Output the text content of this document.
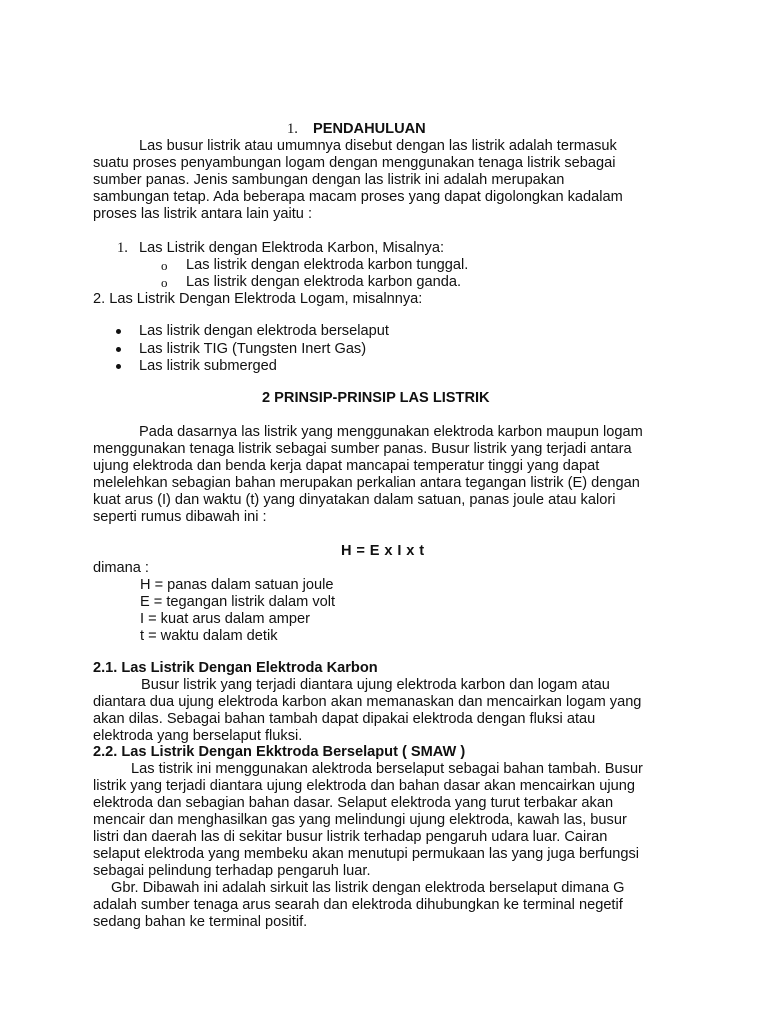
1. PENDAHULUAN
Las busur listrik atau umumnya disebut dengan las listrik adalah termasuk
suatu proses penyambungan logam dengan menggunakan tenaga listrik sebagai
sumber panas. Jenis sambungan dengan las listrik ini adalah merupakan
sambungan tetap. Ada beberapa macam proses yang dapat digolongkan kadalam
proses las listrik antara lain yaitu :
1. Las Listrik dengan Elektroda Karbon, Misalnya:
o Las listrik dengan elektroda karbon tunggal.
o Las listrik dengan elektroda karbon ganda.
2. Las Listrik Dengan Elektroda Logam, misalnnya:
Las listrik dengan elektroda berselaput
Las listrik TIG (Tungsten Inert Gas)
Las listrik submerged
2 PRINSIP-PRINSIP LAS LISTRIK
Pada dasarnya las listrik yang menggunakan elektroda karbon maupun logam
menggunakan tenaga listrik sebagai sumber panas. Busur listrik yang terjadi antara
ujung elektroda dan benda kerja dapat mancapai temperatur tinggi yang dapat
melelehkan sebagian bahan merupakan perkalian antara tegangan listrik (E) dengan
kuat arus (I) dan waktu (t) yang dinyatakan dalam satuan, panas joule atau kalori
seperti rumus dibawah ini :
H = E x I x t
dimana :
H = panas dalam satuan joule
E = tegangan listrik dalam volt
I = kuat arus dalam amper
t = waktu dalam detik
2.1. Las Listrik Dengan Elektroda Karbon
Busur listrik yang terjadi diantara ujung elektroda karbon dan logam atau
diantara dua ujung elektroda karbon akan memanaskan dan mencairkan logam yang
akan dilas. Sebagai bahan tambah dapat dipakai elektroda dengan fluksi atau
elektroda yang berselaput fluksi.
2.2. Las Listrik Dengan Ekktroda Berselaput ( SMAW )
Las tistrik ini menggunakan alektroda berselaput sebagai bahan tambah. Busur
listrik yang terjadi diantara ujung elektroda dan bahan dasar akan mencairkan ujung
elektroda dan sebagian bahan dasar. Selaput elektroda yang turut terbakar akan
mencair dan menghasilkan gas yang melindungi ujung elektroda, kawah las, busur
listri dan daerah las di sekitar busur listrik terhadap pengaruh udara luar. Cairan
selaput elektroda yang membeku akan menutupi permukaan las yang juga berfungsi
sebagai pelindung terhadap pengaruh luar.
Gbr. Dibawah ini adalah sirkuit las listrik dengan elektroda berselaput dimana G
adalah sumber tenaga arus searah dan elektroda dihubungkan ke terminal negetif
sedang bahan ke terminal positif.
